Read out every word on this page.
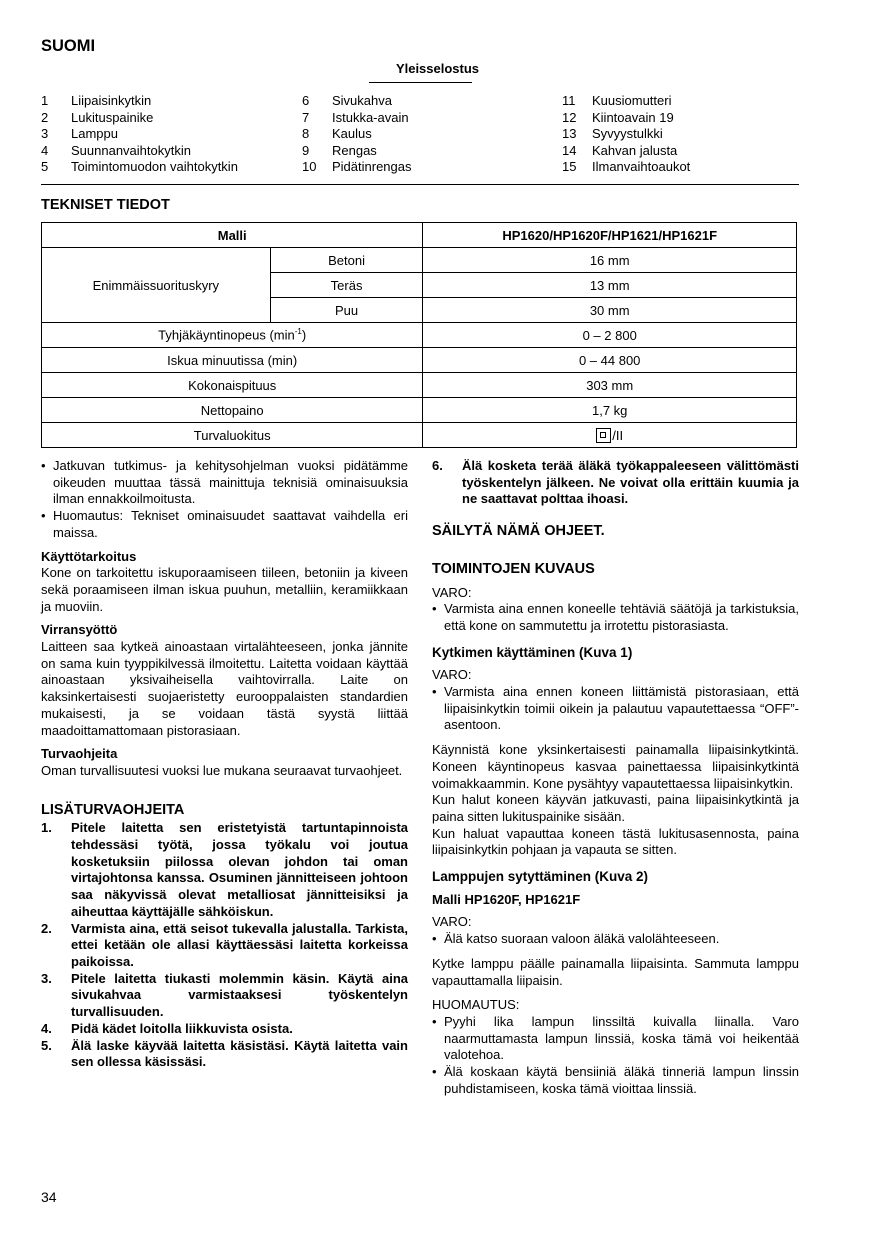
SUOMI
Yleisselostus
1 Liipaisinkytkin
2 Lukituspainike
3 Lamppu
4 Suunnanvaihtokytkin
5 Toimintomuodon vaihtokytkin
6 Sivukahva
7 Istukka-avain
8 Kaulus
9 Rengas
10 Pidätinrengas
11 Kuusiomutteri
12 Kiintoavain 19
13 Syvyystulkki
14 Kahvan jalusta
15 Ilmanvaihtoaukot
TEKNISET TIEDOT
Malli		HP1620/HP1620F/HP1621/HP1621F
Enimmäissuorituskyry	Betoni	16 mm
	Teräs	13 mm
	Puu	30 mm
Tyhjäkäyntinopeus $(\min^{-1})$		0 – 2 800
Iskua minuutissa (min)		0 – 44 800
Kokonaispituus		303 mm
Nettopaino		1,7 kg
Turvaluokitus		/II

• Jatkuvan tutkimus- ja kehitysohjelman vuoksi pidätämme oikeuden muuttaa tässä mainittuja teknisiä ominaisuuksia ilman ennakkoilmoitusta.

• Huomautus: Tekniset ominaisuudet saattavat vaihdella eri maissa.

Käyttötarkoitus

Kone on tarkoitettu iskuporaamiseen tiileen, betoniin ja kiveen sekä poraamiseen ilman iskua puuhun, metalliin, keramiikkaan ja muoviin.

Virransyöttö

Laitteen saa kytkeä ainoastaan virtalähteeseen, jonka jännite on sama kuin tyyppikilvessä ilmoitettu. Laitetta voidaan käyttää ainoastaan yksivaiheisella vaihtovirralla. Laite on kaksinkertaisesti suojaeristetty eurooppalaisten standardien mukaisesti, ja se voidaan tästä syystä liittää maadoittamattomaan pistorasiaan.

Turvaohjeita

Oman turvallisuutesi vuoksi lue mukana seuraavat turvaohjeet.

LISÄTURVAOHJEITA

1. Pitele laitetta sen eristetyistä tartuntapinnoista tehdessäsi työtä, jossa työkalu voi joutua kosketuksiin piilossa olevan johdon tai oman virtajohtonsa kanssa. Osuminen jännitteiseen johtoon saa näkyvissä olevat metalliosat jännitteisiksi ja aiheuttaa käyttäjälle sähköiskun.
2. Varmista aina, että seisot tukevalla jalustalla. Tarkista, ettei ketään ole allasi käyttäessäsi laitetta korkeissa paikoissa.
3. Pitele laitetta tiukasti molemmin käsin. Käytä aina sivukahvaa varmistaaksesi työskentelyn turvallisuuden.
4. Pidä kädet loitolla liikkuvista osista.
5. Älä laske käyvää laitetta käsistäsi. Käytä laitetta vain sen ollessa käsissäsi.
6. Älä kosketa terää äläkä työkappaleeseen välittömästi työskentelyn jälkeen. Ne voivat olla erittäin kuumia ja ne saattavat polttaa ihoasi.

SÄILYTÄ NÄMÄ OHJEET.

TOIMINTOJEN KUVAUS

VARO:

• Varmista aina ennen koneelle tehtäviä säätöjä ja tarkistuksia, että kone on sammutettu ja irrotettu pistorasiasta.

Kytkimen käyttäminen (Kuva 1)

VARO:

• Varmista aina ennen koneen liittämistä pistorasiaan, että liipaisinkytkin toimii oikein ja palautuu vapautettaessa “OFF”-asentoon.

Käynnistä kone yksinkertaisesti painamalla liipaisinkytkintä. Koneen käyntinopeus kasvaa painettaessa liipaisinkytkintä voimakkaammin. Kone pysähtyy vapautettaessa liipaisinkytkin.

Kun halut koneen käyvän jatkuvasti, paina liipaisinkytkintä ja paina sitten lukituspainike sisään.

Kun haluat vapauttaa koneen tästä lukitusasennosta, paina liipaisinkytkin pohjaan ja vapauta se sitten.

Lamppujen sytyttäminen (Kuva 2)

Malli HP1620F, HP1621F

VARO:

• Älä katso suoraan valoon äläkä valolähteeseen.

Kytke lamppu päälle painamalla liipaisinta. Sammuta lamppu vapauttamalla liipaisin.

HUOMAUTUS:

• Pyyhi lika lampun linssiltä kuivalla liinalla. Varo naarmuttamasta lampun linssiä, koska tämä voi heikentää valotehoa.

• Älä koskaan käytä bensiiniä äläkä tinneriä lampun linssin puhdistamiseen, koska tämä vioittaa linssiä.

34
